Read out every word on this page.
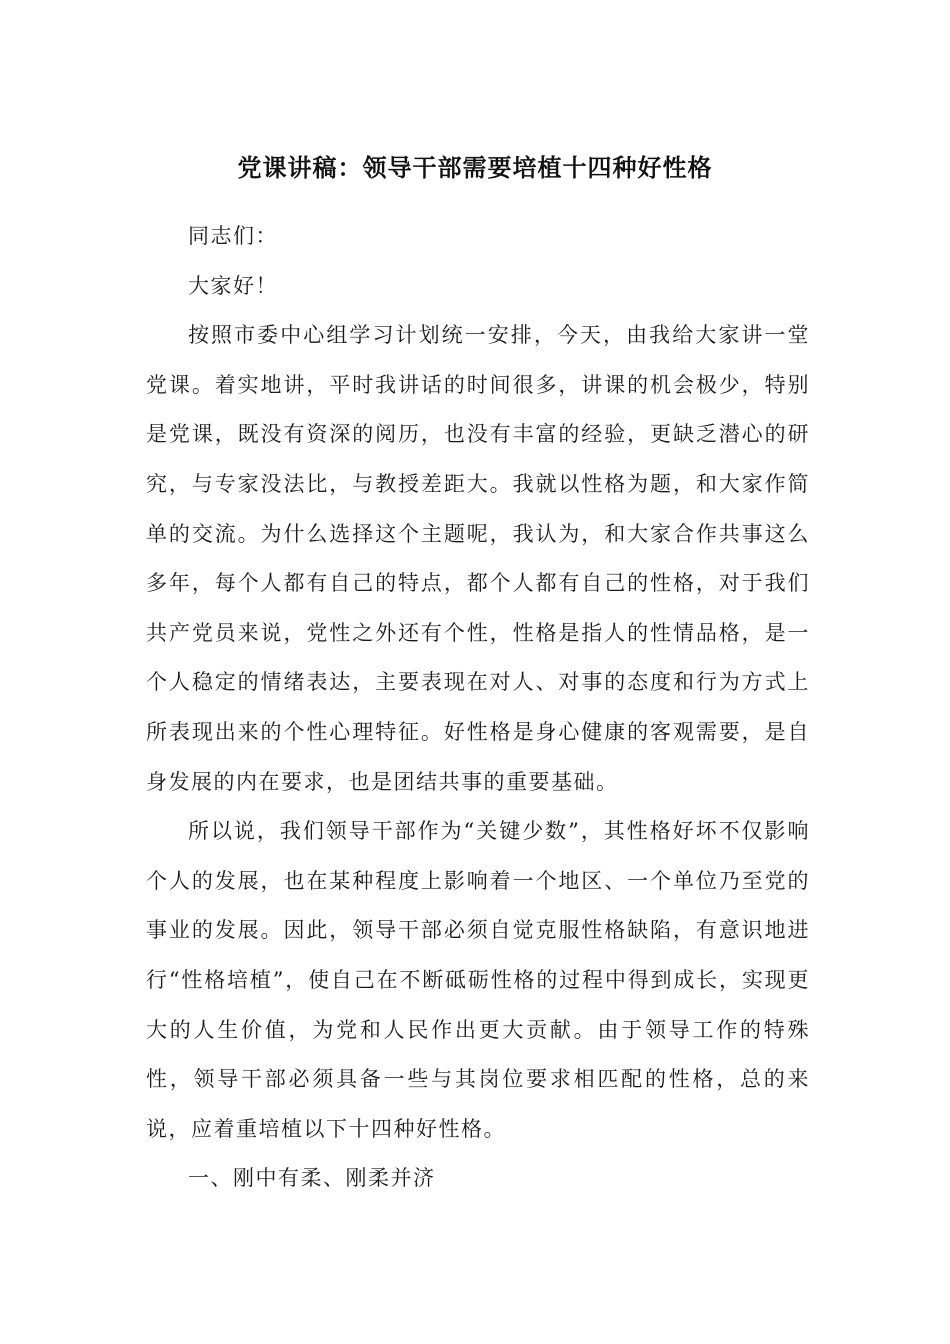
党课讲稿：领导干部需要培植十四种好性格

同志们：

大家好！

按照市委中心组学习计划统一安排，今天，由我给大家讲一堂党课。着实地讲，平时我讲话的时间很多，讲课的机会极少，特别是党课，既没有资深的阅历，也没有丰富的经验，更缺乏潜心的研究，与专家没法比，与教授差距大。我就以性格为题，和大家作简单的交流。为什么选择这个主题呢，我认为，和大家合作共事这么多年，每个人都有自己的特点，都个人都有自己的性格，对于我们共产党员来说，党性之外还有个性，性格是指人的性情品格，是一个人稳定的情绪表达，主要表现在对人、对事的态度和行为方式上所表现出来的个性心理特征。好性格是身心健康的客观需要，是自身发展的内在要求，也是团结共事的重要基础。

所以说，我们领导干部作为“关键少数”，其性格好坏不仅影响个人的发展，也在某种程度上影响着一个地区、一个单位乃至党的事业的发展。因此，领导干部必须自觉克服性格缺陷，有意识地进行“性格培植”，使自己在不断砥砺性格的过程中得到成长，实现更大的人生价值，为党和人民作出更大贡献。由于领导工作的特殊性，领导干部必须具备一些与其岗位要求相匹配的性格，总的来说，应着重培植以下十四种好性格。

一、刚中有柔、刚柔并济
